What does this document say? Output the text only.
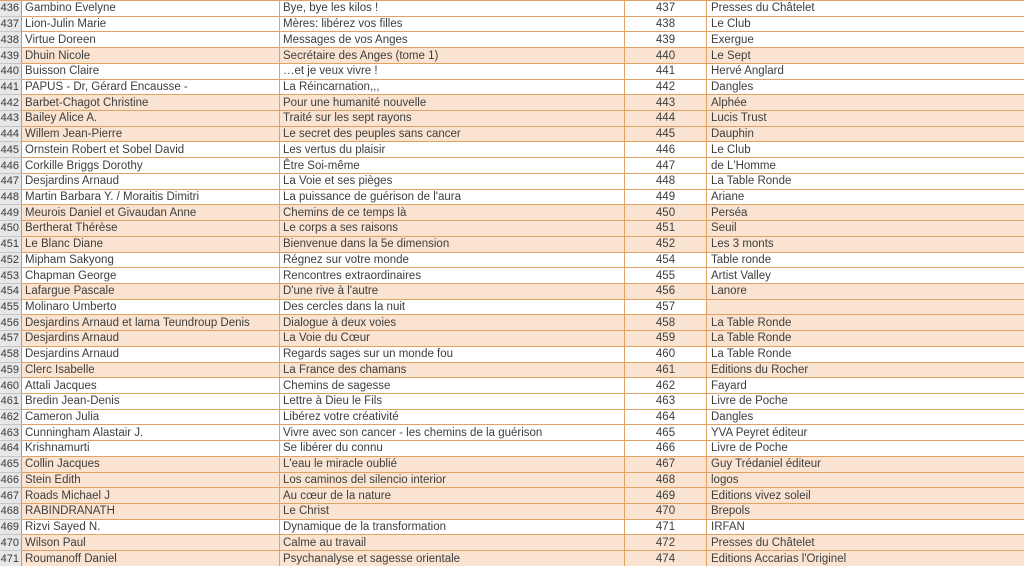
436 Gambino Evelyne	Bye, bye les kilos !	437	Presses du Châtelet
437 Lion-Julin Marie	Mères: libérez vos filles	438	Le Club
438 Virtue Doreen	Messages de vos Anges	439	Exergue
439 Dhuin Nicole	Secrétaire des Anges (tome 1)	440	Le Sept
440 Buisson Claire	…et je veux vivre !	441	Hervé Anglard
441 PAPUS - Dr, Gérard Encausse -	La Réincarnation,,,	442	Dangles
442 Barbet-Chagot Christine	Pour une humanité nouvelle	443	Alphée
443 Bailey Alice A.	Traité sur les sept rayons	444	Lucis Trust
444 Willem Jean-Pierre	Le secret des peuples sans cancer	445	Dauphin
445 Ornstein Robert et Sobel David	Les vertus du plaisir	446	Le Club
446 Corkille Briggs Dorothy	Être Soi-même	447	de L'Homme
447 Desjardins Arnaud	La Voie et ses pièges	448	La Table Ronde
448 Martin Barbara Y. / Moraitis Dimitri	La puissance de guérison de l'aura	449	Ariane
449 Meurois Daniel et Givaudan Anne	Chemins de ce temps là	450	Perséa
450 Bertherat Thérèse	Le corps a ses raisons	451	Seuil
451 Le Blanc Diane	Bienvenue dans la 5e dimension	452	Les 3 monts
452 Mipham Sakyong	Régnez sur votre monde	454	Table ronde
453 Chapman George	Rencontres extraordinaires	455	Artist Valley
454 Lafargue Pascale	D'une rive à l'autre	456	Lanore
455 Molinaro Umberto	Des cercles dans la nuit	457
456 Desjardins Arnaud et lama Teundroup Denis	Dialogue à deux voies	458	La Table Ronde
457 Desjardins Arnaud	La Voie du Cœur	459	La Table Ronde
458 Desjardins Arnaud	Regards sages sur un monde fou	460	La Table Ronde
459 Clerc Isabelle	La France des chamans	461	Editions du Rocher
460 Attali Jacques	Chemins de sagesse	462	Fayard
461 Bredin Jean-Denis	Lettre à Dieu le Fils	463	Livre de Poche
462 Cameron Julia	Libérez votre créativité	464	Dangles
463 Cunningham Alastair J.	Vivre avec son cancer - les chemins de la guérison	465	YVA Peyret éditeur
464 Krishnamurti	Se libérer du connu	466	Livre de Poche
465 Collin Jacques	L'eau le miracle oublié	467	Guy Trédaniel éditeur
466 Stein Edith	Los caminos del silencio interior	468	logos
467 Roads Michael J	Au cœur de la nature	469	Editions vivez soleil
468 RABINDRANATH	Le Christ	470	Brepols
469 Rizvi Sayed N.	Dynamique de la transformation	471	IRFAN
470 Wilson Paul	Calme au travail	472	Presses du Châtelet
471 Roumanoff Daniel	Psychanalyse et sagesse orientale	474	Editions Accarias l'Originel
